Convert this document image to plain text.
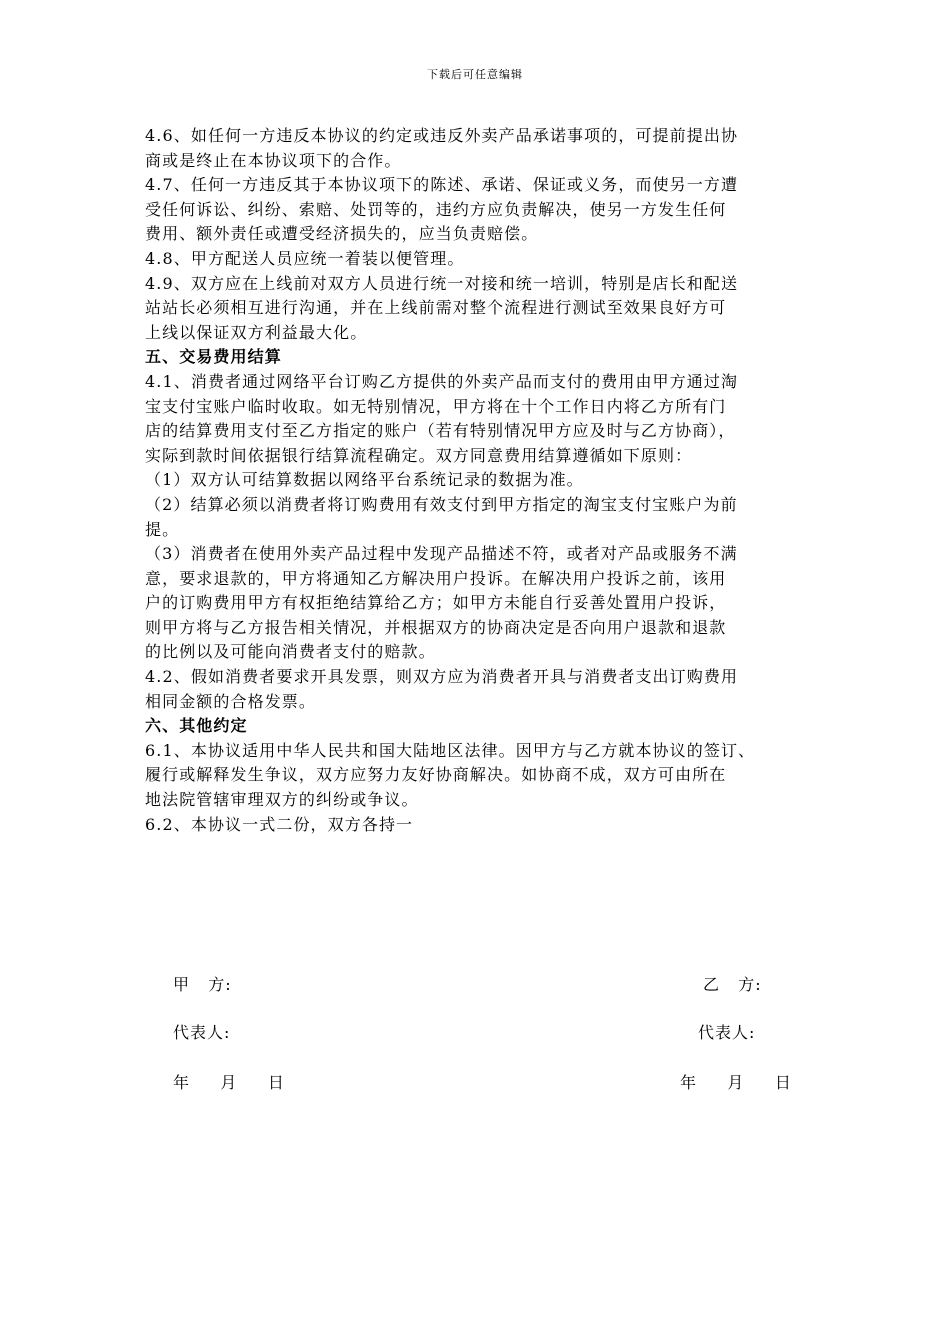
下载后可任意编辑
4.6、如任何一方违反本协议的约定或违反外卖产品承诺事项的，可提前提出协
商或是终止在本协议项下的合作。
4.7、任何一方违反其于本协议项下的陈述、承诺、保证或义务，而使另一方遭
受任何诉讼、纠纷、索赔、处罚等的，违约方应负责解决，使另一方发生任何
费用、额外责任或遭受经济损失的，应当负责赔偿。
4.8、甲方配送人员应统一着装以便管理。
4.9、双方应在上线前对双方人员进行统一对接和统一培训，特别是店长和配送
站站长必须相互进行沟通，并在上线前需对整个流程进行测试至效果良好方可
上线以保证双方利益最大化。
五、交易费用结算
4.1、消费者通过网络平台订购乙方提供的外卖产品而支付的费用由甲方通过淘
宝支付宝账户临时收取。如无特别情况，甲方将在十个工作日内将乙方所有门
店的结算费用支付至乙方指定的账户（若有特别情况甲方应及时与乙方协商），
实际到款时间依据银行结算流程确定。双方同意费用结算遵循如下原则：
（1）双方认可结算数据以网络平台系统记录的数据为准。
（2）结算必须以消费者将订购费用有效支付到甲方指定的淘宝支付宝账户为前
提。
（3）消费者在使用外卖产品过程中发现产品描述不符，或者对产品或服务不满
意，要求退款的，甲方将通知乙方解决用户投诉。在解决用户投诉之前，该用
户的订购费用甲方有权拒绝结算给乙方；如甲方未能自行妥善处置用户投诉，
则甲方将与乙方报告相关情况，并根据双方的协商决定是否向用户退款和退款
的比例以及可能向消费者支付的赔款。
4.2、假如消费者要求开具发票，则双方应为消费者开具与消费者支出订购费用
相同金额的合格发票。
六、其他约定
6.1、本协议适用中华人民共和国大陆地区法律。因甲方与乙方就本协议的签订、
履行或解释发生争议，双方应努力友好协商解决。如协商不成，双方可由所在
地法院管辖审理双方的纠纷或争议。
6.2、本协议一式二份，双方各持一
甲   方:	乙   方:
代表人:	代表人:
年     月     日	年     月     日
